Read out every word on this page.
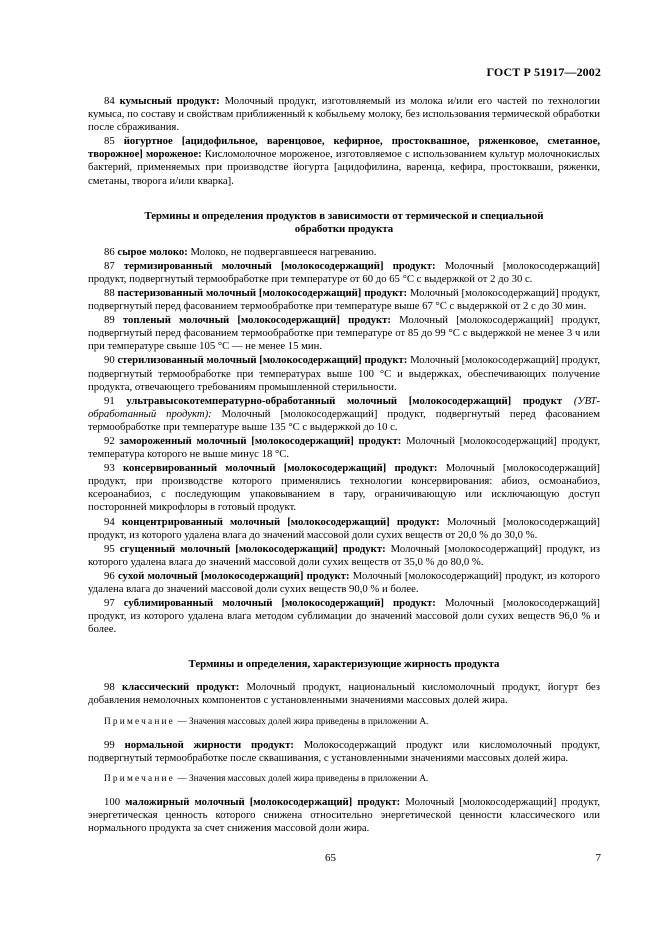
ГОСТ Р 51917—2002

84 кумысный продукт: Молочный продукт, изготовляемый из молока и/или его частей по технологии кумыса, по составу и свойствам приближенный к кобыльему молоку, без использования термической обработки после сбраживания.

85 йогуртное [ацидофильное, варенцовое, кефирное, простоквашное, ряженковое, сметанное, творожное] мороженое: Кисломолочное мороженое, изготовляемое с использованием культур молочнокислых бактерий, применяемых при производстве йогурта [ацидофилина, варенца, кефира, простокваши, ряженки, сметаны, творога и/или кварка].

Термины и определения продуктов в зависимости от термической и специальной обработки продукта

86 сырое молоко: Молоко, не подвергавшееся нагреванию.

87 термизированный молочный [молокосодержащий] продукт: Молочный [молокосодержащий] продукт, подвергнутый термообработке при температуре от 60 до 65 °С с выдержкой от 2 до 30 с.

88 пастеризованный молочный [молокосодержащий] продукт: Молочный [молокосодержащий] продукт, подвергнутый перед фасованием термообработке при температуре выше 67 °С с выдержкой от 2 с до 30 мин.

89 топленый молочный [молокосодержащий] продукт: Молочный [молокосодержащий] продукт, подвергнутый перед фасованием термообработке при температуре от 85 до 99 °С с выдержкой не менее 3 ч или при температуре свыше 105 °С — не менее 15 мин.

90 стерилизованный молочный [молокосодержащий] продукт: Молочный [молокосодержащий] продукт, подвергнутый термообработке при температурах выше 100 °С и выдержках, обеспечивающих получение продукта, отвечающего требованиям промышленной стерильности.

91 ультравысокотемпературно-обработанный молочный [молокосодержащий] продукт (УВТ-обработанный продукт): Молочный [молокосодержащий] продукт, подвергнутый перед фасованием термообработке при температуре выше 135 °С с выдержкой до 10 с.

92 замороженный молочный [молокосодержащий] продукт: Молочный [молокосодержащий] продукт, температура которого не выше минус 18 °С.

93 консервированный молочный [молокосодержащий] продукт: Молочный [молокосодержащий] продукт, при производстве которого применялись технологии консервирования: абиоз, осмоанабиоз, ксероанабиоз, с последующим упаковыванием в тару, ограничивающую или исключающую доступ посторонней микрофлоры в готовый продукт.

94 концентрированный молочный [молокосодержащий] продукт: Молочный [молокосодержащий] продукт, из которого удалена влага до значений массовой доли сухих веществ от 20,0 % до 30,0 %.

95 сгущенный молочный [молокосодержащий] продукт: Молочный [молокосодержащий] продукт, из которого удалена влага до значений массовой доли сухих веществ от 35,0 % до 80,0 %.

96 сухой молочный [молокосодержащий] продукт: Молочный [молокосодержащий] продукт, из которого удалена влага до значений массовой доли сухих веществ 90,0 % и более.

97 сублимированный молочный [молокосодержащий] продукт: Молочный [молокосодержащий] продукт, из которого удалена влага методом сублимации до значений массовой доли сухих веществ 96,0 % и более.

Термины и определения, характеризующие жирность продукта

98 классический продукт: Молочный продукт, национальный кисломолочный продукт, йогурт без добавления немолочных компонентов с установленными значениями массовых долей жира.

Примечание — Значения массовых долей жира приведены в приложении А.

99 нормальной жирности продукт: Молокосодержащий продукт или кисломолочный продукт, подвергнутый термообработке после сквашивания, с установленными значениями массовых долей жира.

Примечание — Значения массовых долей жира приведены в приложении А.

100 маложирный молочный [молокосодержащий] продукт: Молочный [молокосодержащий] продукт, энергетическая ценность которого снижена относительно энергетической ценности классического или нормального продукта за счет снижения массовой доли жира.

65	7
